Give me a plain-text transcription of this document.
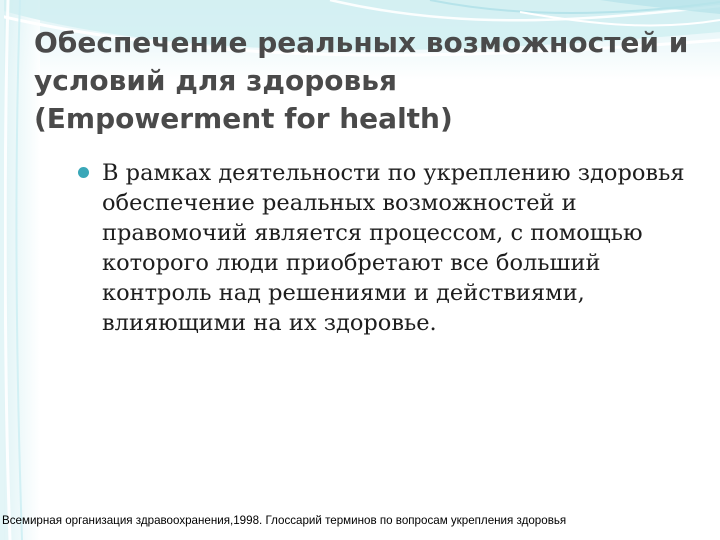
Обеспечение реальных возможностей и
условий для здоровья
(Empowerment for health)
В рамках деятельности по укреплению здоровья обеспечение реальных возможностей и правомочий является процессом, с помощью которого люди приобретают все больший контроль над решениями и действиями, влияющими на их здоровье.
Всемирная организация здравоохранения,1998. Глоссарий терминов по вопросам укрепления здоровья
